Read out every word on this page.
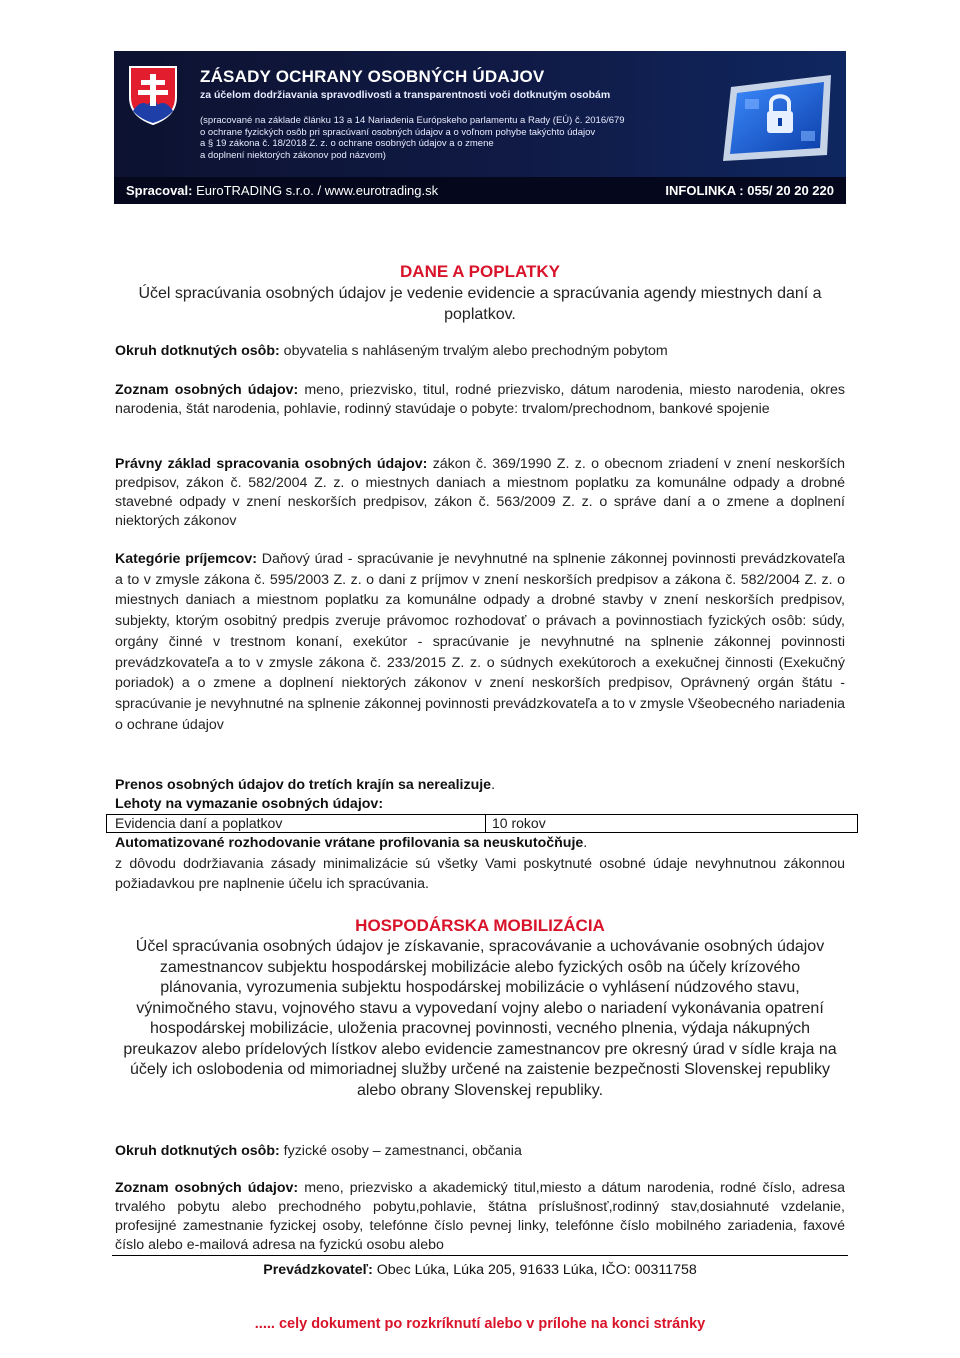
ZÁSADY OCHRANY OSOBNÝCH ÚDAJOV
za účelom dodržiavania spravodlivosti a transparentnosti voči dotknutým osobám
(spracované na základe článku 13 a 14 Nariadenia Európskeho parlamentu a Rady (EÚ) č. 2016/679
o ochrane fyzických osôb pri spracúvaní osobných údajov a o voľnom pohybe takýchto údajov
a § 19 zákona č. 18/2018 Z. z. o ochrane osobných údajov a o zmene
a doplnení niektorých zákonov pod názvom)
Spracoval: EuroTRADING s.r.o. / www.eurotrading.sk	INFOLINKA : 055/ 20 20 220
DANE A POPLATKY
Účel spracúvania osobných údajov je vedenie evidencie a spracúvania agendy miestnych daní a poplatkov.
Okruh dotknutých osôb: obyvatelia s nahláseným trvalým alebo prechodným pobytom
Zoznam osobných údajov: meno, priezvisko, titul, rodné priezvisko, dátum narodenia, miesto narodenia, okres narodenia, štát narodenia, pohlavie, rodinný stavúdaje o pobyte: trvalom/prechodnom, bankové spojenie
Právny základ spracovania osobných údajov: zákon č. 369/1990 Z. z. o obecnom zriadení v znení neskorších predpisov, zákon č. 582/2004 Z. z. o miestnych daniach a miestnom poplatku za komunálne odpady a drobné stavebné odpady v znení neskorších predpisov, zákon č. 563/2009 Z. z. o správe daní a o zmene a doplnení niektorých zákonov
Kategórie príjemcov: Daňový úrad - spracúvanie je nevyhnutné na splnenie zákonnej povinnosti prevádzkovateľa a to v zmysle zákona č. 595/2003 Z. z. o dani z príjmov v znení neskorších predpisov a zákona č. 582/2004 Z. z. o miestnych daniach a miestnom poplatku za komunálne odpady a drobné stavby v znení neskorších predpisov, subjekty, ktorým osobitný predpis zveruje právomoc rozhodovať o právach a povinnostiach fyzických osôb: súdy, orgány činné v trestnom konaní, exekútor - spracúvanie je nevyhnutné na splnenie zákonnej povinnosti prevádzkovateľa a to v zmysle zákona č. 233/2015 Z. z. o súdnych exekútoroch a exekučnej činnosti (Exekučný poriadok) a o zmene a doplnení niektorých zákonov v znení neskorších predpisov, Oprávnený orgán štátu - spracúvanie je nevyhnutné na splnenie zákonnej povinnosti prevádzkovateľa a to v zmysle Všeobecného nariadenia o ochrane údajov
Prenos osobných údajov do tretích krajín sa nerealizuje.
Lehoty na vymazanie osobných údajov:
Evidencia daní a poplatkov	10 rokov
Automatizované rozhodovanie vrátane profilovania sa neuskutočňuje.
z dôvodu dodržiavania zásady minimalizácie sú všetky Vami poskytnuté osobné údaje nevyhnutnou zákonnou požiadavkou pre naplnenie účelu ich spracúvania.
HOSPODÁRSKA MOBILIZÁCIA
Účel spracúvania osobných údajov je získavanie, spracovávanie a uchovávanie osobných údajov zamestnancov subjektu hospodárskej mobilizácie alebo fyzických osôb na účely krízového plánovania, vyrozumenia subjektu hospodárskej mobilizácie o vyhlásení núdzového stavu, výnimočného stavu, vojnového stavu a vypovedaní vojny alebo o nariadení vykonávania opatrení hospodárskej mobilizácie, uloženia pracovnej povinnosti, vecného plnenia, výdaja nákupných preukazov alebo prídelových lístkov alebo evidencie zamestnancov pre okresný úrad v sídle kraja na účely ich oslobodenia od mimoriadnej služby určené na zaistenie bezpečnosti Slovenskej republiky alebo obrany Slovenskej republiky.
Okruh dotknutých osôb: fyzické osoby – zamestnanci, občania
Zoznam osobných údajov: meno, priezvisko a akademický titul,miesto a dátum narodenia, rodné číslo, adresa trvalého pobytu alebo prechodného pobytu,pohlavie, štátna príslušnosť,rodinný stav,dosiahnuté vzdelanie, profesijné zamestnanie fyzickej osoby, telefónne číslo pevnej linky, telefónne číslo mobilného zariadenia, faxové číslo alebo e-mailová adresa na fyzickú osobu alebo
Prevádzkovateľ: Obec Lúka, Lúka 205, 91633 Lúka, IČO: 00311758
..... cely dokument po rozkríknutí alebo v prílohe na konci stránky
